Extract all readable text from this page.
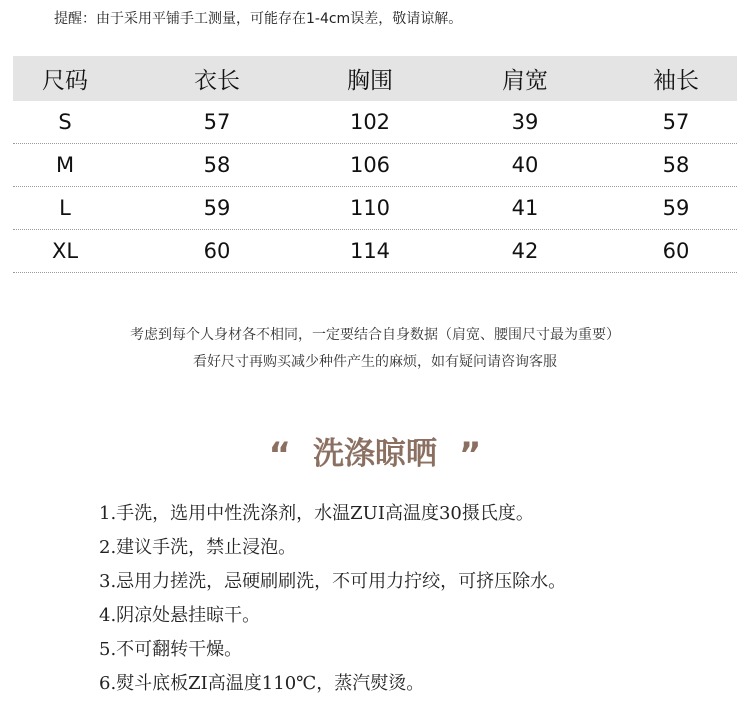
提醒：由于采用平铺手工测量，可能存在1-4cm误差，敬请谅解。
尺码	衣长	胸围	肩宽	袖长
S	57	102	39	57
M	58	106	40	58
L	59	110	41	59
XL	60	114	42	60
考虑到每个人身材各不相同，一定要结合自身数据（肩宽、腰围尺寸最为重要）
看好尺寸再购买减少种件产生的麻烦，如有疑问请咨询客服
“ 洗涤晾晒 ”
1.手洗，选用中性洗涤剂，水温ZUI高温度30摄氏度。
2.建议手洗，禁止浸泡。
3.忌用力搓洗，忌硬刷刷洗，不可用力拧绞，可挤压除水。
4.阴凉处悬挂晾干。
5.不可翻转干燥。
6.熨斗底板ZI高温度110℃，蒸汽熨烫。
